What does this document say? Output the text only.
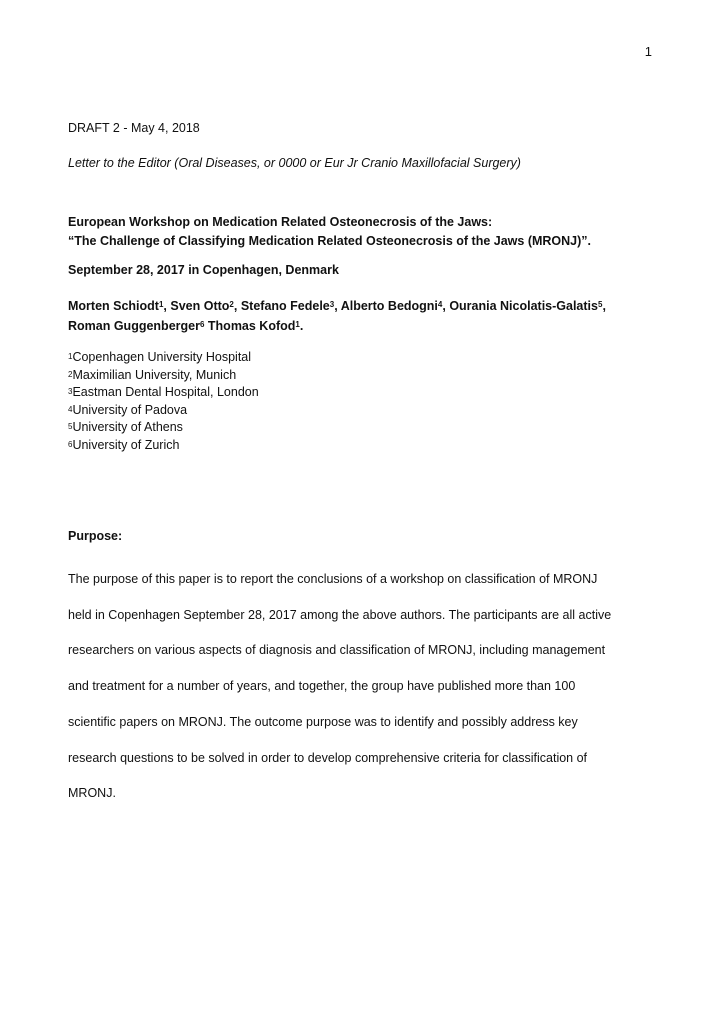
1
DRAFT 2 - May 4, 2018
Letter to the Editor (Oral Diseases, or 0000 or Eur Jr Cranio Maxillofacial Surgery)
European Workshop on Medication Related Osteonecrosis of the Jaws:
“The Challenge of Classifying Medication Related Osteonecrosis of the Jaws (MRONJ)”.
September 28, 2017 in Copenhagen, Denmark
Morten Schiodt$^1$, Sven Otto$^2$, Stefano Fedele$^3$, Alberto Bedogni$^4$, Ourania Nicolatis-Galatis$^5$,
Roman Guggenberger$^6$ Thomas Kofod$^1$.
$^1$Copenhagen University Hospital
$^2$Maximilian University, Munich
$^3$Eastman Dental Hospital, London
$^4$University of Padova
$^5$University of Athens
$^6$University of Zurich
Purpose:
The purpose of this paper is to report the conclusions of a workshop on classification of MRONJ
held in Copenhagen September 28, 2017 among the above authors. The participants are all active
researchers on various aspects of diagnosis and classification of MRONJ, including management
and treatment for a number of years, and together, the group have published more than 100
scientific papers on MRONJ. The outcome purpose was to identify and possibly address key
research questions to be solved in order to develop comprehensive criteria for classification of
MRONJ.
